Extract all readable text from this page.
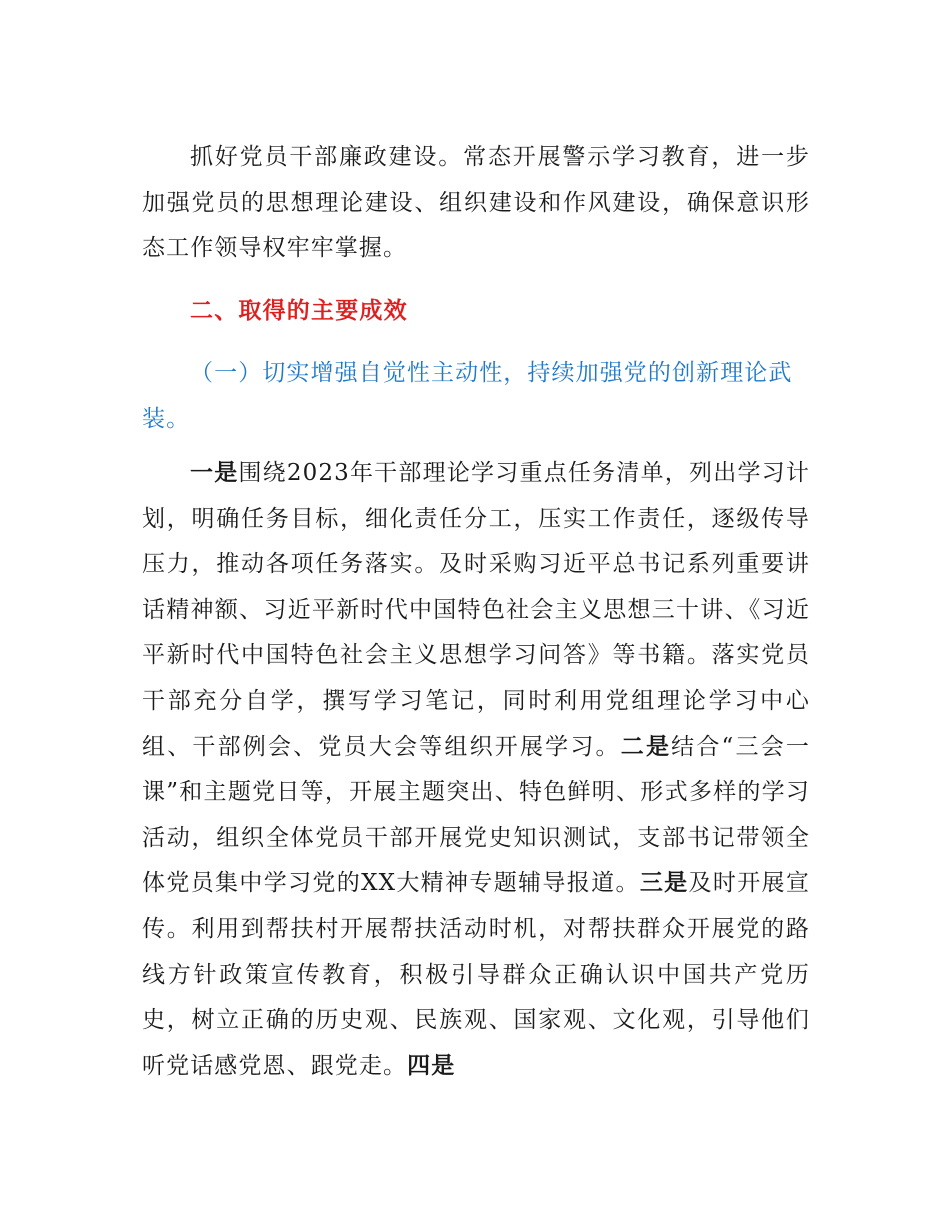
抓好党员干部廉政建设。常态开展警示学习教育，进一步加强党员的思想理论建设、组织建设和作风建设，确保意识形态工作领导权牢牢掌握。

二、取得的主要成效

（一）切实增强自觉性主动性，持续加强党的创新理论武装。

一是围绕2023年干部理论学习重点任务清单，列出学习计划，明确任务目标，细化责任分工，压实工作责任，逐级传导压力，推动各项任务落实。及时采购习近平总书记系列重要讲话精神额、习近平新时代中国特色社会主义思想三十讲、《习近平新时代中国特色社会主义思想学习问答》等书籍。落实党员干部充分自学，撰写学习笔记，同时利用党组理论学习中心组、干部例会、党员大会等组织开展学习。二是结合“三会一课”和主题党日等，开展主题突出、特色鲜明、形式多样的学习活动，组织全体党员干部开展党史知识测试，支部书记带领全体党员集中学习党的XX大精神专题辅导报道。三是及时开展宣传。利用到帮扶村开展帮扶活动时机，对帮扶群众开展党的路线方针政策宣传教育，积极引导群众正确认识中国共产党历史，树立正确的历史观、民族观、国家观、文化观，引导他们听党话感党恩、跟党走。四是
